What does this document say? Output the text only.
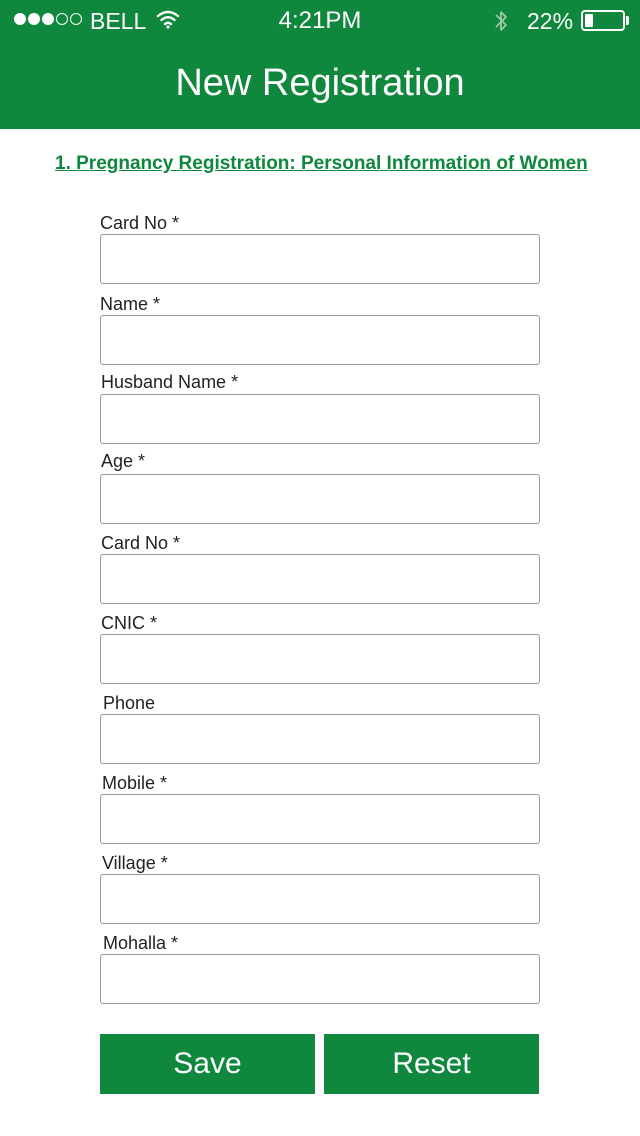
BELL	4:21PM	22%
New Registration
1. Pregnancy Registration: Personal Information of Women
Card No *
Name *
Husband Name *
Age *
Card No *
CNIC *
Phone
Mobile *
Village *
Mohalla *
Save	Reset
